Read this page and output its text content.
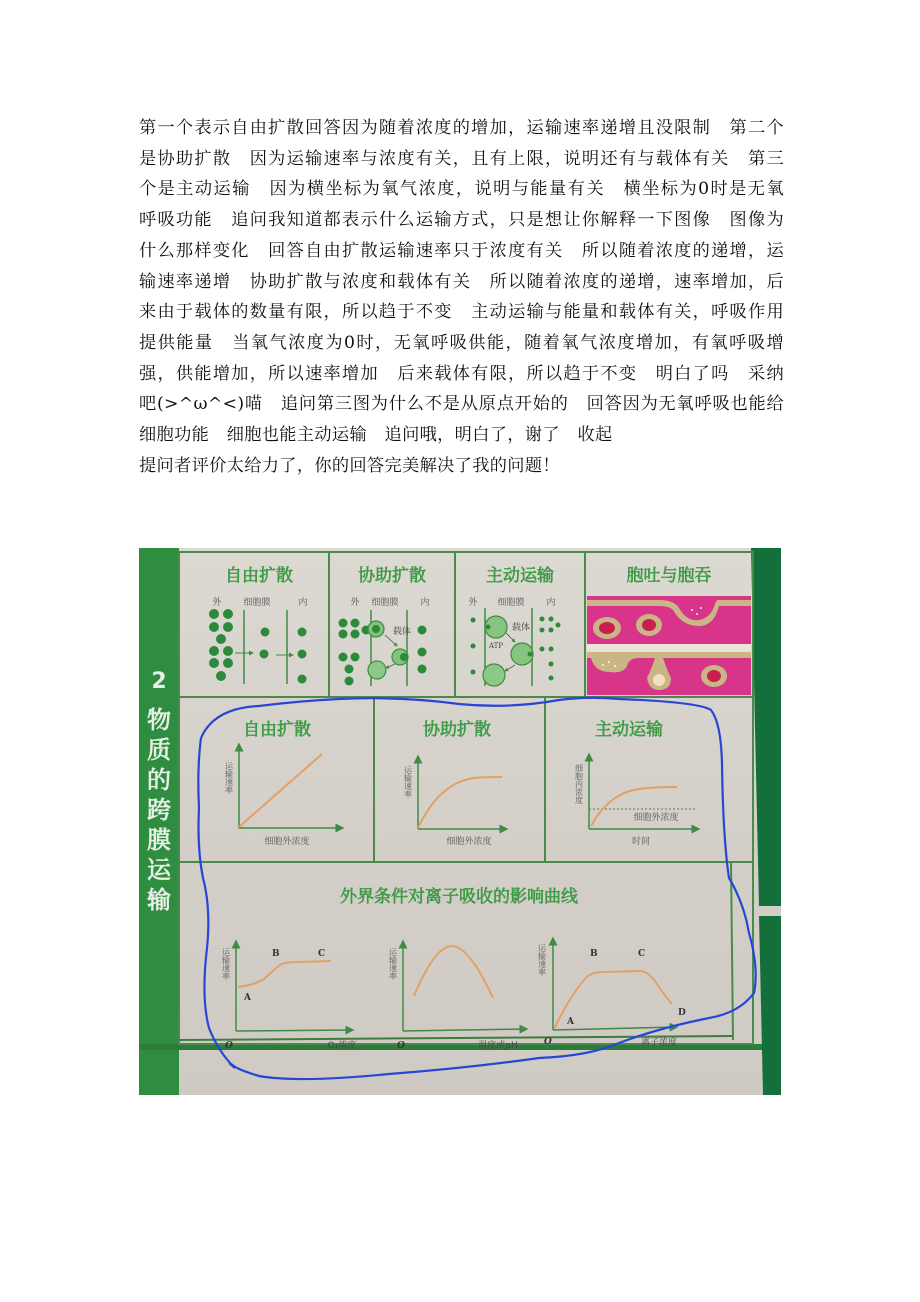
第一个表示自由扩散回答因为随着浓度的增加，运输速率递增且没限制　第二个

是协助扩散　因为运输速率与浓度有关，且有上限，说明还有与载体有关　第三

个是主动运输　因为横坐标为氧气浓度，说明与能量有关　横坐标为0时是无氧

呼吸功能　追问我知道都表示什么运输方式，只是想让你解释一下图像　图像为

什么那样变化　回答自由扩散运输速率只于浓度有关　所以随着浓度的递增，运

输速率递增　协助扩散与浓度和载体有关　所以随着浓度的递增，速率增加，后

来由于载体的数量有限，所以趋于不变　主动运输与能量和载体有关，呼吸作用

提供能量　当氧气浓度为0时，无氧呼吸供能，随着氧气浓度增加，有氧呼吸增

强，供能增加，所以速率增加　后来载体有限，所以趋于不变　明白了吗　采纳

吧(>^ω^<)喵　追问第三图为什么不是从原点开始的　回答因为无氧呼吸也能给

细胞功能　细胞也能主动运输　追问哦，明白了，谢了　收起

提问者评价太给力了，你的回答完美解决了我的问题！

2
物
质
的
跨
膜
运
输
自由扩散	协助扩散	主动运输	胞吐与胞吞
外 细胞膜	内	外 细胞膜 内	外 细胞膜 内
载体	载体
ATP
自由扩散	协助扩散	主动运输
运输速率
细胞外浓度
运输速率
细胞外浓度
细胞内浓度
细胞外浓度
时间
外界条件对离子吸收的影响曲线
运输速率
A
B	C
O	O₂浓度
运输速率
O	温度或pH
运输速率
A
B	C
D
O	离子浓度
